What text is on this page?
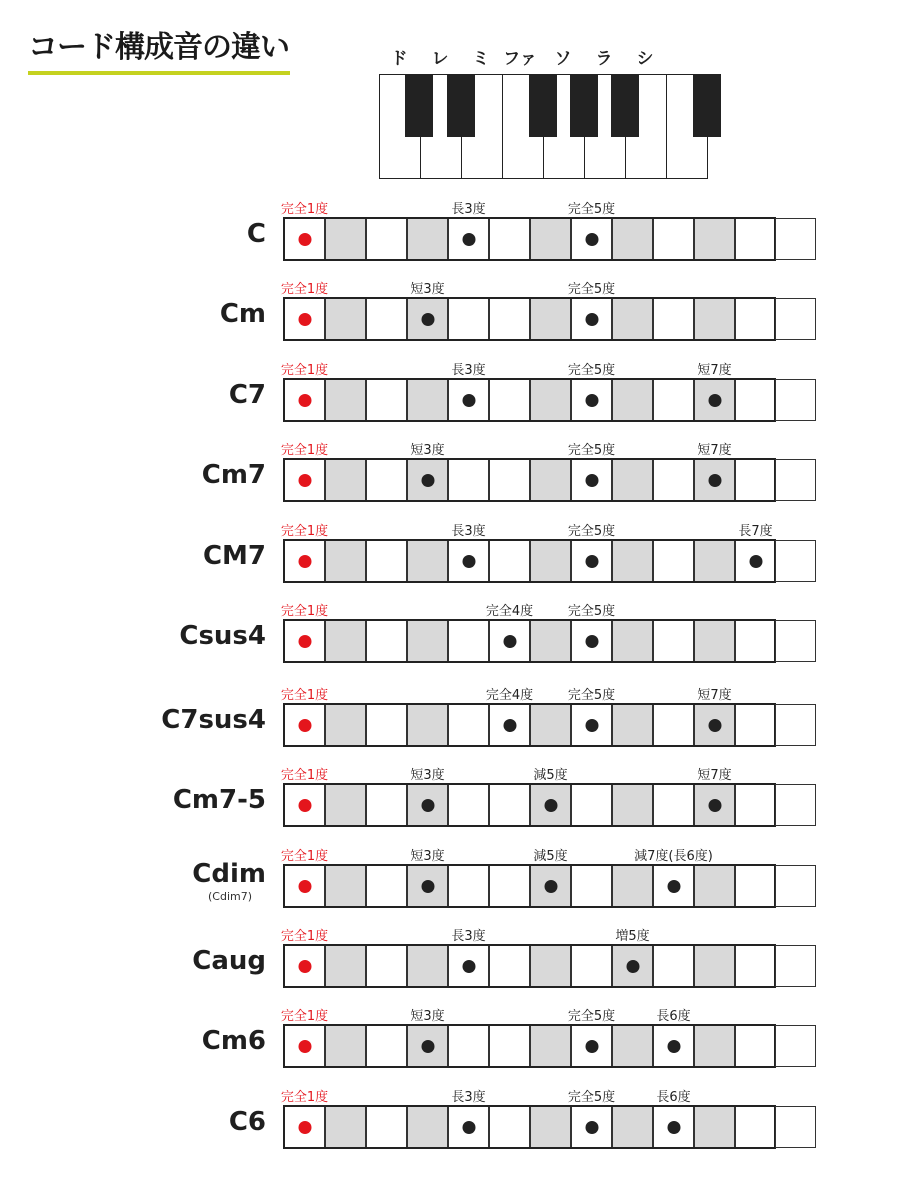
コード構成音の違い	ド レ ミ ファ ソ ラ シ
C
完全1度	長3度	完全5度
Cm
完全1度	短3度	完全5度
C7
完全1度	長3度	完全5度	短7度
Cm7
完全1度	短3度	完全5度	短7度
CM7
完全1度	長3度	完全5度	長7度
Csus4
完全1度	完全4度	完全5度
C7sus4
完全1度	完全4度	完全5度	短7度
Cm7-5
完全1度	短3度	減5度	短7度
Cdim
(Cdim7)
完全1度	短3度	減5度	減7度(長6度)
Caug
完全1度	長3度	増5度
Cm6
完全1度	短3度	完全5度	長6度
C6
完全1度	長3度	完全5度	長6度
